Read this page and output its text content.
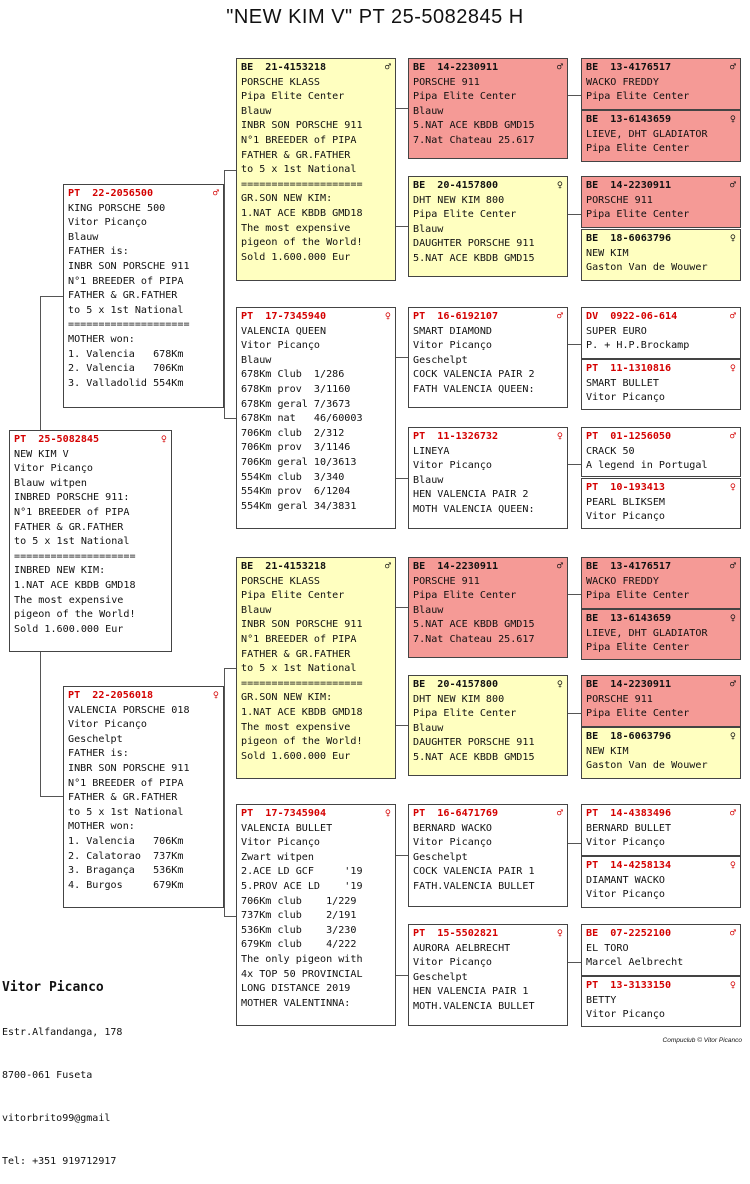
"NEW KIM V" PT 25-5082845 H
PT  25-5082845	♀
NEW KIM V
Vitor Picanço
Blauw witpen
INBRED PORSCHE 911:
N°1 BREEDER of PIPA
FATHER & GR.FATHER
to 5 x 1st National
====================
INBRED NEW KIM:
1.NAT ACE KBDB GMD18
The most expensive
pigeon of the World!
Sold 1.600.000 Eur
PT  22-2056500	♂
KING PORSCHE 500
Vitor Picanço
Blauw
FATHER is:
INBR SON PORSCHE 911
N°1 BREEDER of PIPA
FATHER & GR.FATHER
to 5 x 1st National
====================
MOTHER won:
1. Valencia   678Km
2. Valencia   706Km
3. Valladolid 554Km
PT  22-2056018	♀
VALENCIA PORSCHE 018
Vitor Picanço
Geschelpt
FATHER is:
INBR SON PORSCHE 911
N°1 BREEDER of PIPA
FATHER & GR.FATHER
to 5 x 1st National
MOTHER won:
1. Valencia   706Km
2. Calatorao  737Km
3. Bragança   536Km
4. Burgos     679Km
BE  21-4153218	♂
PORSCHE KLASS
Pipa Elite Center
Blauw
INBR SON PORSCHE 911
N°1 BREEDER of PIPA
FATHER & GR.FATHER
to 5 x 1st National
====================
GR.SON NEW KIM:
1.NAT ACE KBDB GMD18
The most expensive
pigeon of the World!
Sold 1.600.000 Eur
PT  17-7345940	♀
VALENCIA QUEEN
Vitor Picanço
Blauw
678Km Club  1/286
678Km prov  3/1160
678Km geral 7/3673
678Km nat   46/60003
706Km club  2/312
706Km prov  3/1146
706Km geral 10/3613
554Km club  3/340
554Km prov  6/1204
554Km geral 34/3831
BE  21-4153218	♂
PORSCHE KLASS
Pipa Elite Center
Blauw
INBR SON PORSCHE 911
N°1 BREEDER of PIPA
FATHER & GR.FATHER
to 5 x 1st National
====================
GR.SON NEW KIM:
1.NAT ACE KBDB GMD18
The most expensive
pigeon of the World!
Sold 1.600.000 Eur
PT  17-7345904	♀
VALENCIA BULLET
Vitor Picanço
Zwart witpen
2.ACE LD GCF     '19
5.PROV ACE LD    '19
706Km club    1/229
737Km club    2/191
536Km club    3/230
679Km club    4/222
The only pigeon with
4x TOP 50 PROVINCIAL
LONG DISTANCE 2019
MOTHER VALENTINNA:
BE  14-2230911	♂
PORSCHE 911
Pipa Elite Center
Blauw
5.NAT ACE KBDB GMD15
7.Nat Chateau 25.617
BE  20-4157800	♀
DHT NEW KIM 800
Pipa Elite Center
Blauw
DAUGHTER PORSCHE 911
5.NAT ACE KBDB GMD15
PT  16-6192107	♂
SMART DIAMOND
Vitor Picanço
Geschelpt
COCK VALENCIA PAIR 2
FATH VALENCIA QUEEN:
PT  11-1326732	♀
LINEYA
Vitor Picanço
Blauw
HEN VALENCIA PAIR 2
MOTH VALENCIA QUEEN:
BE  14-2230911	♂
PORSCHE 911
Pipa Elite Center
Blauw
5.NAT ACE KBDB GMD15
7.Nat Chateau 25.617
BE  20-4157800	♀
DHT NEW KIM 800
Pipa Elite Center
Blauw
DAUGHTER PORSCHE 911
5.NAT ACE KBDB GMD15
PT  16-6471769	♂
BERNARD WACKO
Vitor Picanço
Geschelpt
COCK VALENCIA PAIR 1
FATH.VALENCIA BULLET
PT  15-5502821	♀
AURORA AELBRECHT
Vitor Picanço
Geschelpt
HEN VALENCIA PAIR 1
MOTH.VALENCIA BULLET
BE  13-4176517	♂
WACKO FREDDY
Pipa Elite Center
BE  13-6143659	♀
LIEVE, DHT GLADIATOR
Pipa Elite Center
BE  14-2230911	♂
PORSCHE 911
Pipa Elite Center
BE  18-6063796	♀
NEW KIM
Gaston Van de Wouwer
DV  0922-06-614	♂
SUPER EURO
P. + H.P.Brockamp
PT  11-1310816	♀
SMART BULLET
Vitor Picanço
PT  01-1256050	♂
CRACK 50
A legend in Portugal
PT  10-193413	♀
PEARL BLIKSEM
Vitor Picanço
BE  13-4176517	♂
WACKO FREDDY
Pipa Elite Center
BE  13-6143659	♀
LIEVE, DHT GLADIATOR
Pipa Elite Center
BE  14-2230911	♂
PORSCHE 911
Pipa Elite Center
BE  18-6063796	♀
NEW KIM
Gaston Van de Wouwer
PT  14-4383496	♂
BERNARD BULLET
Vitor Picanço
PT  14-4258134	♀
DIAMANT WACKO
Vitor Picanço
BE  07-2252100	♂
EL TORO
Marcel Aelbrecht
PT  13-3133150	♀
BETTY
Vitor Picanço

Vitor Picanco

Estr.Alfandanga, 178

8700-061 Fuseta

vitorbrito99@gmail

Tel: +351 919712917

Compuclub © Vitor Picanco
